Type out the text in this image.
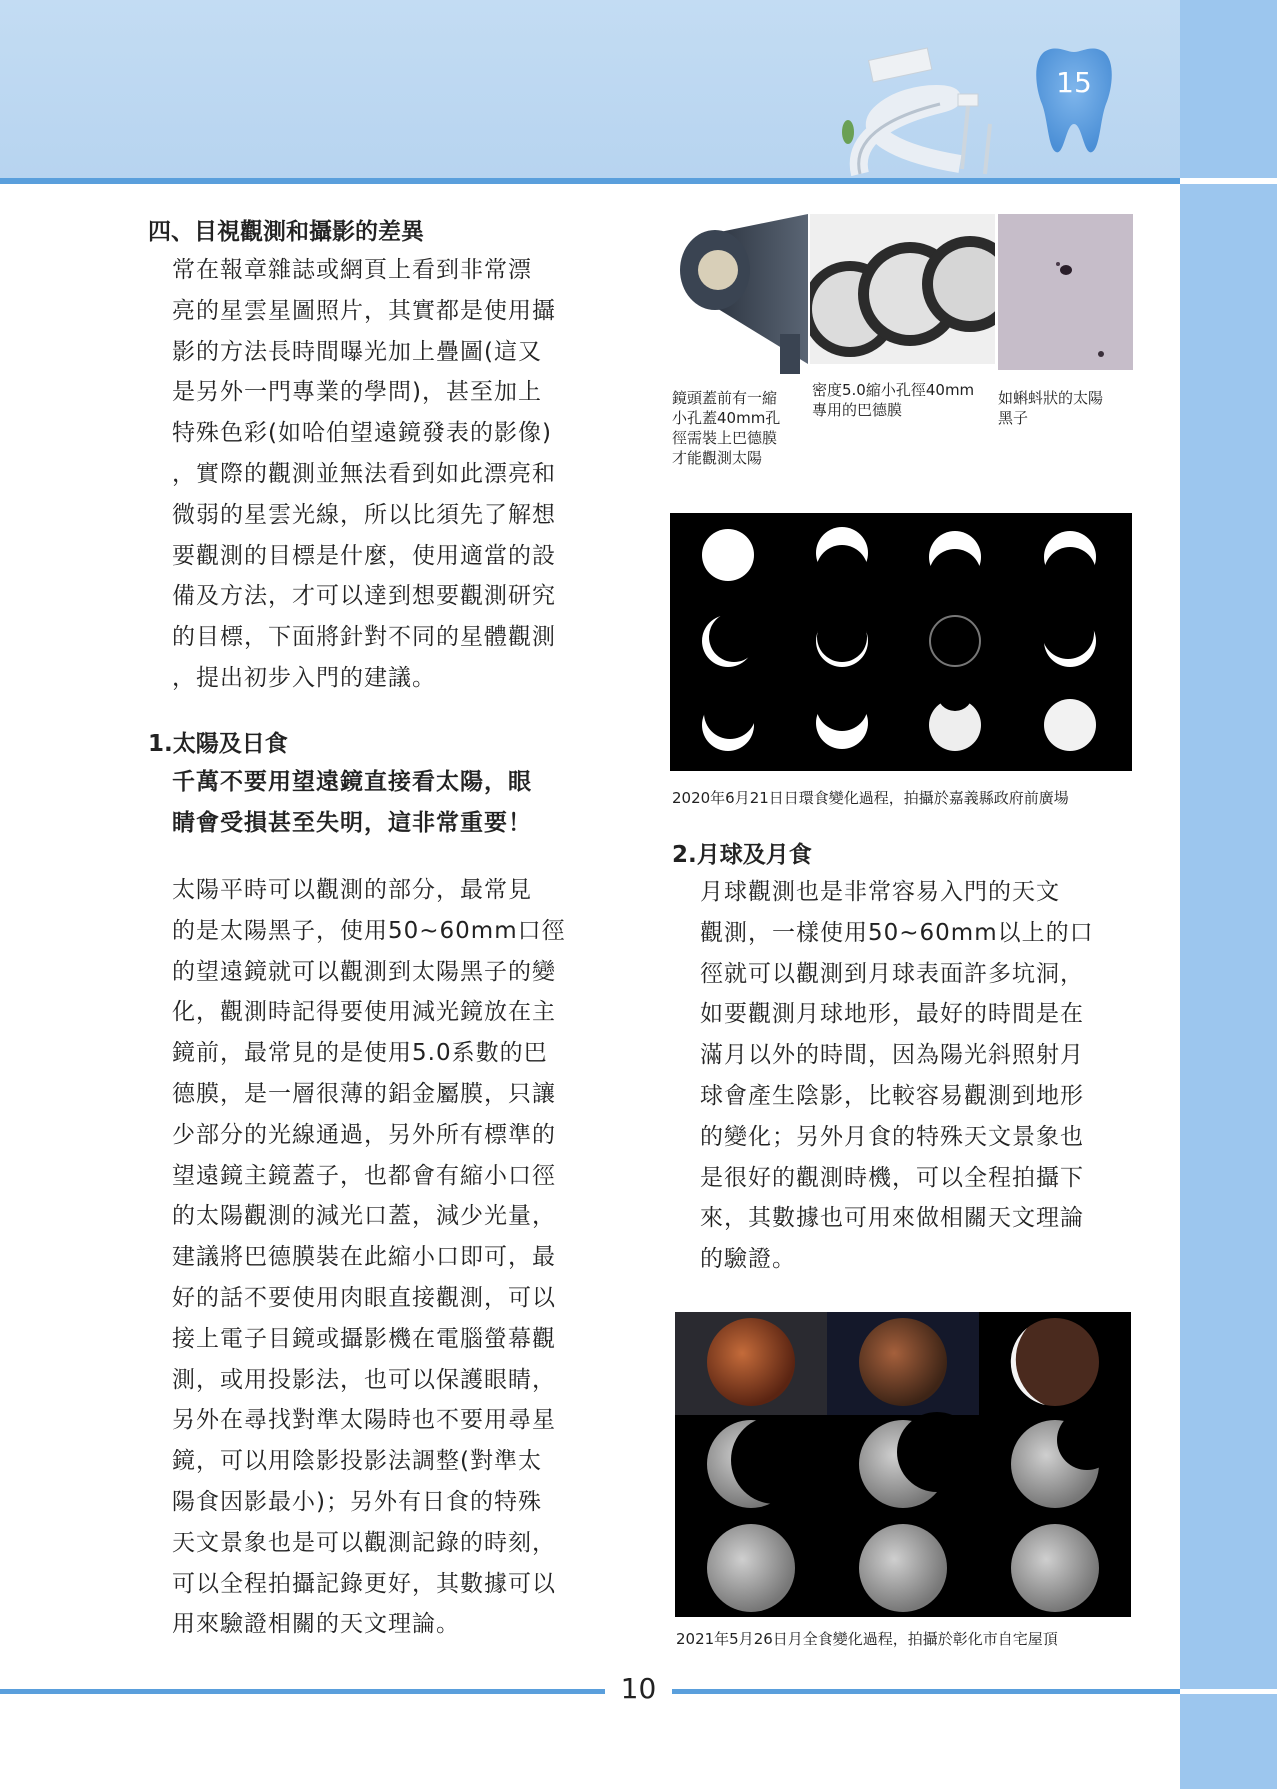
15
四、目視觀測和攝影的差異
常在報章雜誌或網頁上看到非常漂
亮的星雲星圖照片，其實都是使用攝
影的方法長時間曝光加上疊圖(這又
是另外一門專業的學問)，甚至加上
特殊色彩(如哈伯望遠鏡發表的影像)
，實際的觀測並無法看到如此漂亮和
微弱的星雲光線，所以比須先了解想
要觀測的目標是什麼，使用適當的設
備及方法，才可以達到想要觀測研究
的目標，下面將針對不同的星體觀測
，提出初步入門的建議。
1.太陽及日食
千萬不要用望遠鏡直接看太陽，眼
睛會受損甚至失明，這非常重要！
太陽平時可以觀測的部分，最常見
的是太陽黑子，使用50~60mm口徑
的望遠鏡就可以觀測到太陽黑子的變
化，觀測時記得要使用減光鏡放在主
鏡前，最常見的是使用5.0系數的巴
德膜，是一層很薄的鋁金屬膜，只讓
少部分的光線通過，另外所有標準的
望遠鏡主鏡蓋子，也都會有縮小口徑
的太陽觀測的減光口蓋，減少光量，
建議將巴德膜裝在此縮小口即可，最
好的話不要使用肉眼直接觀測，可以
接上電子目鏡或攝影機在電腦螢幕觀
測，或用投影法，也可以保護眼睛，
另外在尋找對準太陽時也不要用尋星
鏡，可以用陰影投影法調整(對準太
陽食因影最小)；另外有日食的特殊
天文景象也是可以觀測記錄的時刻，
可以全程拍攝記錄更好，其數據可以
用來驗證相關的天文理論。
鏡頭蓋前有一縮
小孔蓋40mm孔
徑需裝上巴德膜
才能觀測太陽
密度5.0縮小孔徑40mm
專用的巴德膜
如蝌蚪狀的太陽
黑子
2020年6月21日日環食變化過程，拍攝於嘉義縣政府前廣場
2.月球及月食
月球觀測也是非常容易入門的天文
觀測，一樣使用50~60mm以上的口
徑就可以觀測到月球表面許多坑洞，
如要觀測月球地形，最好的時間是在
滿月以外的時間，因為陽光斜照射月
球會產生陰影，比較容易觀測到地形
的變化；另外月食的特殊天文景象也
是很好的觀測時機，可以全程拍攝下
來，其數據也可用來做相關天文理論
的驗證。
2021年5月26日月全食變化過程，拍攝於彰化市自宅屋頂
10
